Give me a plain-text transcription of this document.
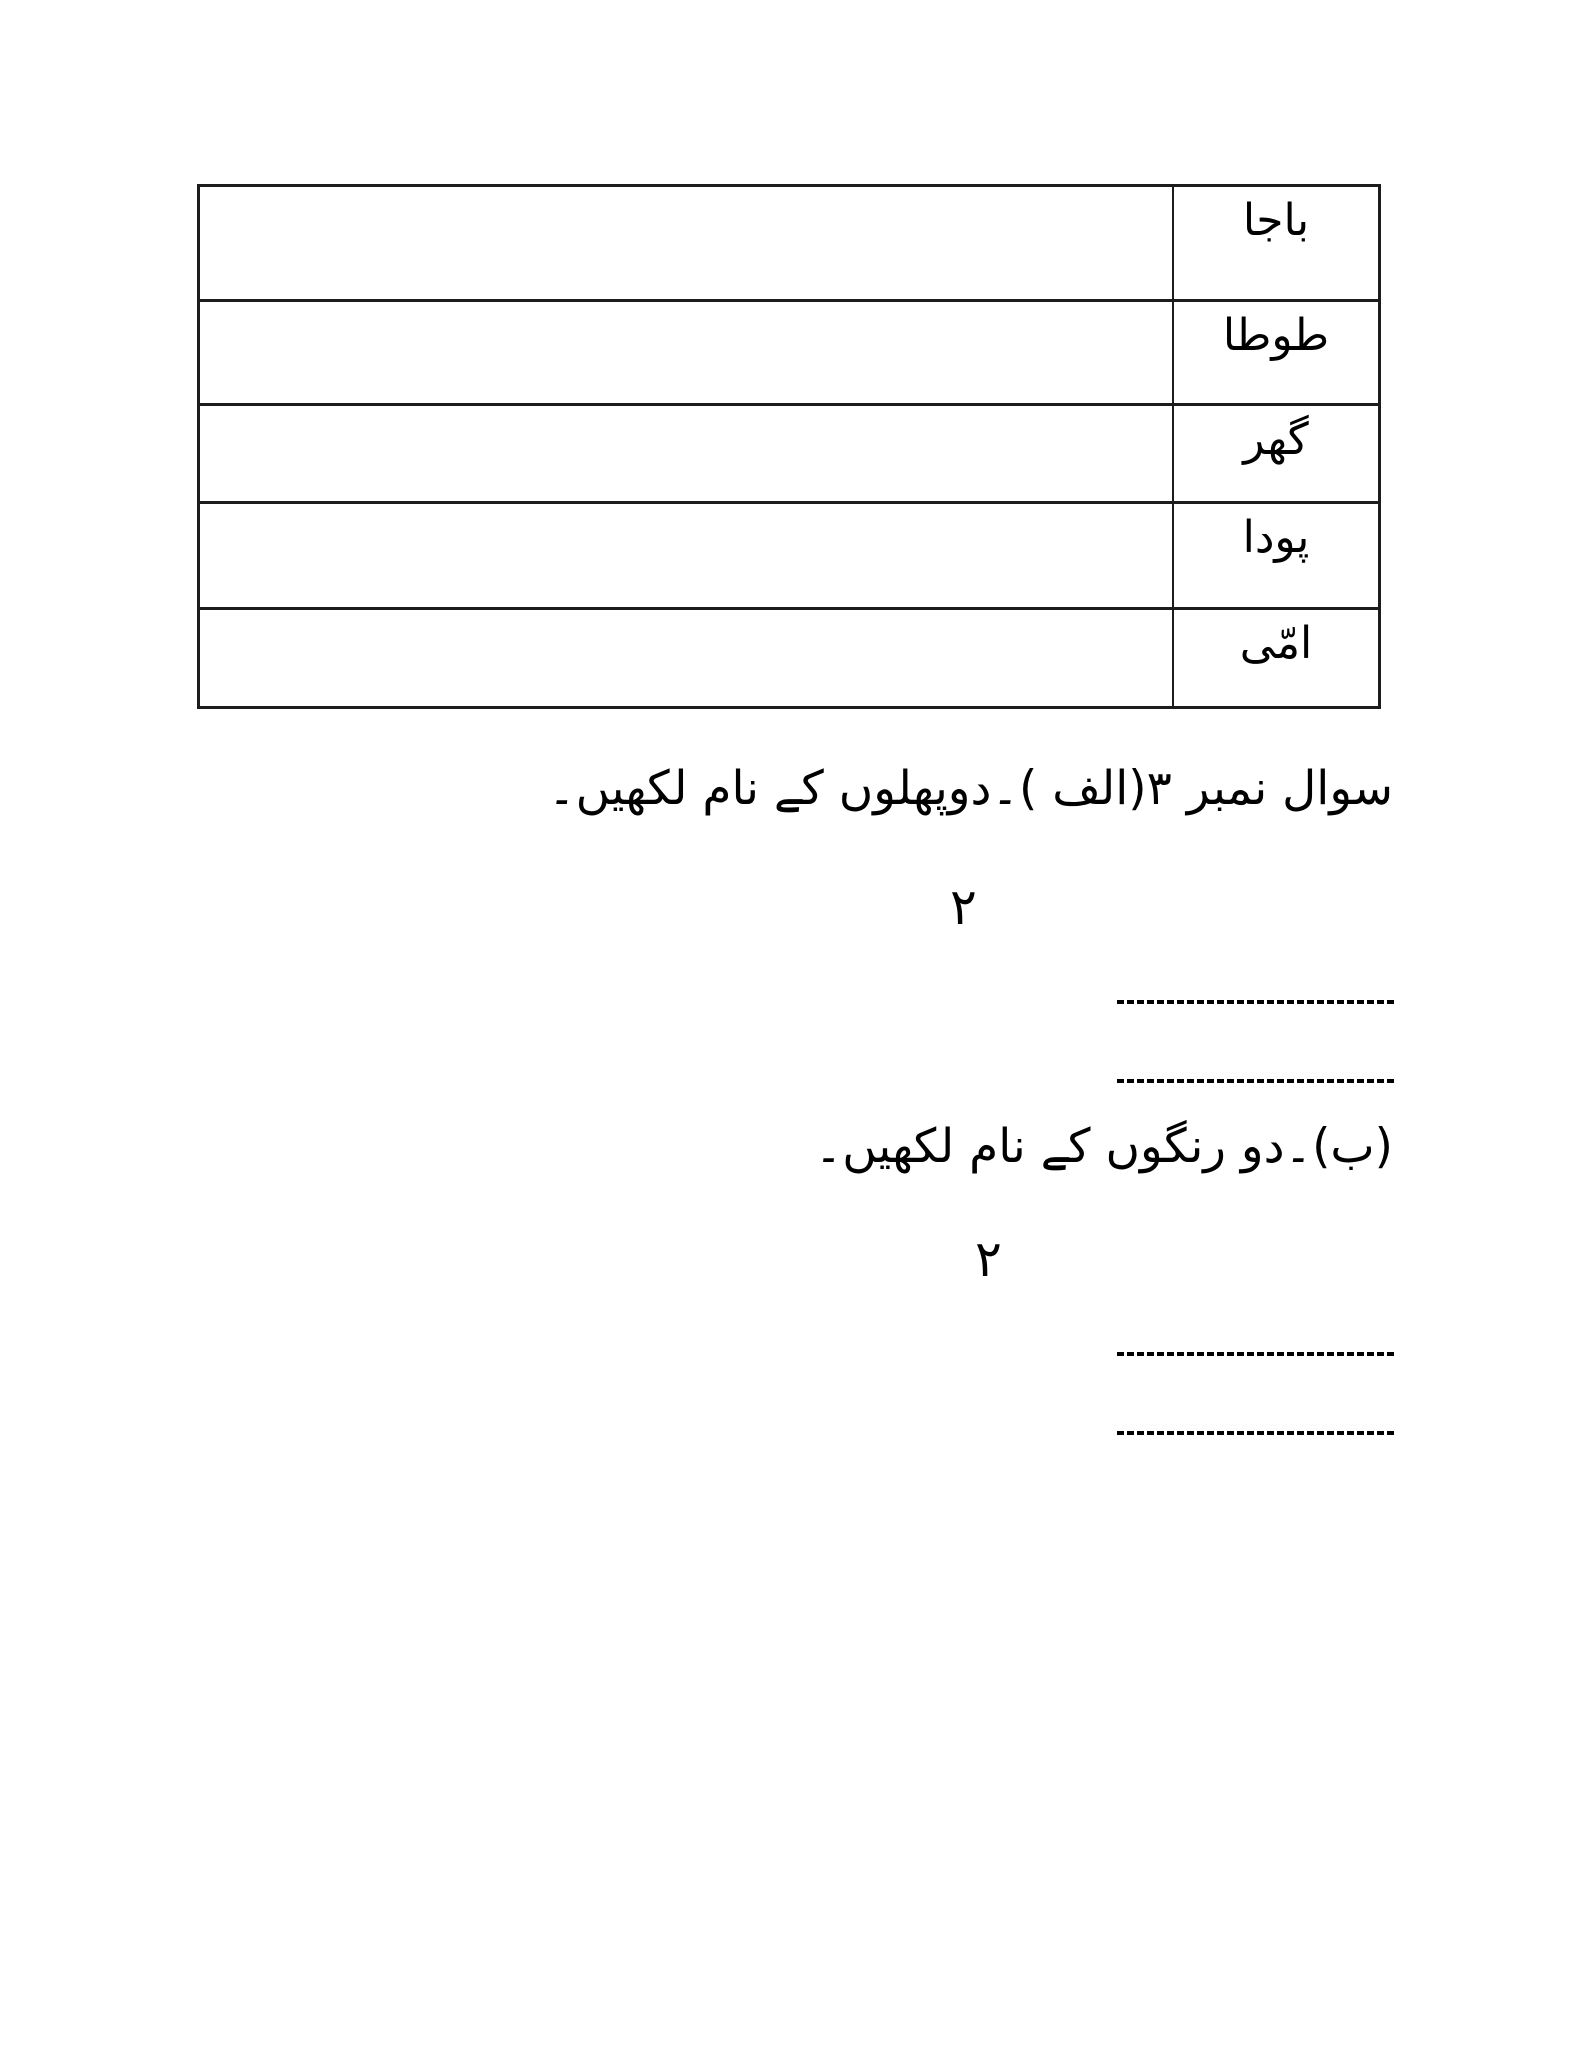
باجا
طوطا
گھر
پودا
امّی
سوال نمبر ۳(الف )۔دوپھلوں کے نام لکھیں۔
۲
(ب)۔دو رنگوں کے نام لکھیں۔
۲
